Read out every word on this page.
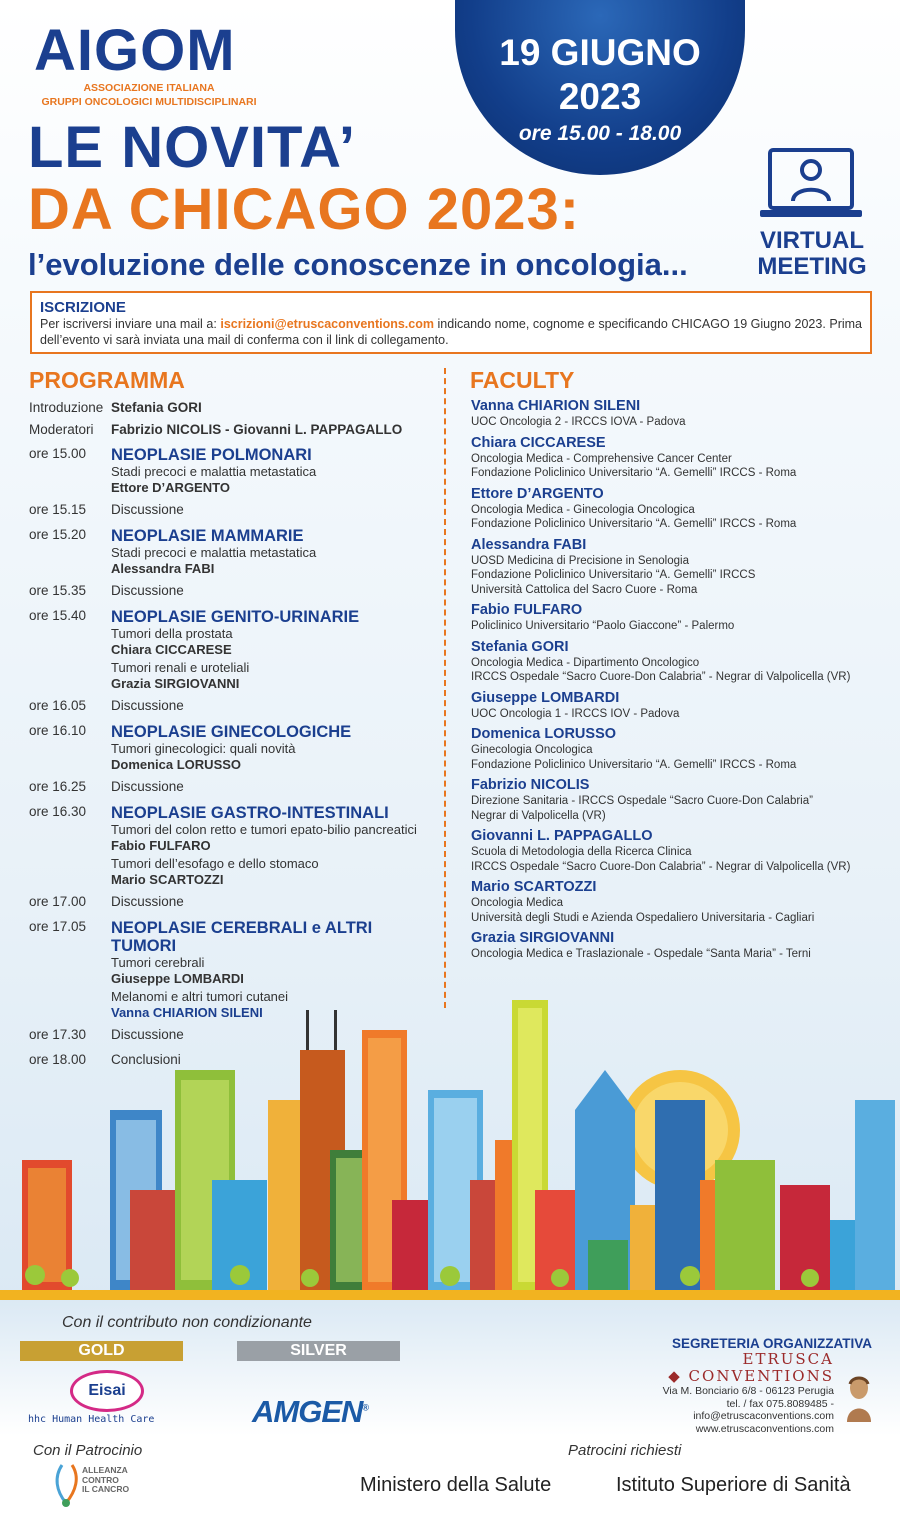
AIGOM
ASSOCIAZIONE ITALIANA
GRUPPI ONCOLOGICI MULTIDISCIPLINARI
19 GIUGNO
2023
ore 15.00 - 18.00
LE NOVITA’
DA CHICAGO 2023:
l’evoluzione delle conoscenze in oncologia...
VIRTUAL
MEETING
ISCRIZIONE
Per iscriversi inviare una mail a: iscrizioni@etruscaconventions.com indicando nome, cognome e specificando CHICAGO 19 Giugno 2023. Prima dell’evento vi sarà inviata una mail di conferma con il link di collegamento.
PROGRAMMA
Introduzione Stefania GORI
Moderatori	Fabrizio NICOLIS - Giovanni L. PAPPAGALLO
ore 15.00	NEOPLASIE POLMONARI
Stadi precoci e malattia metastatica
Ettore D’ARGENTO
ore 15.15	Discussione
ore 15.20	NEOPLASIE MAMMARIE
Stadi precoci e malattia metastatica
Alessandra FABI
ore 15.35	Discussione
ore 15.40	NEOPLASIE GENITO-URINARIE
Tumori della prostata
Chiara CICCARESE
Tumori renali e uroteliali
Grazia SIRGIOVANNI
ore 16.05	Discussione
ore 16.10	NEOPLASIE GINECOLOGICHE
Tumori ginecologici: quali novità
Domenica LORUSSO
ore 16.25	Discussione
ore 16.30	NEOPLASIE GASTRO-INTESTINALI
Tumori del colon retto e tumori epato-bilio pancreatici
Fabio FULFARO
Tumori dell’esofago e dello stomaco
Mario SCARTOZZI
ore 17.00	Discussione
ore 17.05	NEOPLASIE CEREBRALI e ALTRI TUMORI
Tumori cerebrali
Giuseppe LOMBARDI
Melanomi e altri tumori cutanei
Vanna CHIARION SILENI
ore 17.30	Discussione
ore 18.00	Conclusioni
FACULTY
Vanna CHIARION SILENI
UOC Oncologia 2 - IRCCS IOVA - Padova
Chiara CICCARESE
Oncologia Medica - Comprehensive Cancer Center
Fondazione Policlinico Universitario “A. Gemelli” IRCCS - Roma
Ettore D’ARGENTO
Oncologia Medica - Ginecologia Oncologica
Fondazione Policlinico Universitario “A. Gemelli” IRCCS - Roma
Alessandra FABI
UOSD Medicina di Precisione in Senologia
Fondazione Policlinico Universitario “A. Gemelli” IRCCS
Università Cattolica del Sacro Cuore - Roma
Fabio FULFARO
Policlinico Universitario “Paolo Giaccone” - Palermo
Stefania GORI
Oncologia Medica - Dipartimento Oncologico
IRCCS Ospedale “Sacro Cuore-Don Calabria” - Negrar di Valpolicella (VR)
Giuseppe LOMBARDI
UOC Oncologia 1 - IRCCS IOV - Padova
Domenica LORUSSO
Ginecologia Oncologica
Fondazione Policlinico Universitario “A. Gemelli” IRCCS - Roma
Fabrizio NICOLIS
Direzione Sanitaria - IRCCS Ospedale “Sacro Cuore-Don Calabria”
Negrar di Valpolicella (VR)
Giovanni L. PAPPAGALLO
Scuola di Metodologia della Ricerca Clinica
IRCCS Ospedale “Sacro Cuore-Don Calabria” - Negrar di Valpolicella (VR)
Mario SCARTOZZI
Oncologia Medica
Università degli Studi e Azienda Ospedaliero Universitaria - Cagliari
Grazia SIRGIOVANNI
Oncologia Medica e Traslazionale - Ospedale “Santa Maria” - Terni
Con il contributo non condizionante
GOLD	SILVER
Eisai
hhc Human Health Care	AMGEN®
SEGRETERIA ORGANIZZATIVA
ETRUSCA
◆ CONVENTIONS
Via M. Bonciario 6/8 - 06123 Perugia
tel. / fax 075.8089485 - info@etruscaconventions.com
www.etruscaconventions.com
Con il Patrocinio
ALLEANZA
CONTRO
IL CANCRO
Patrocini richiesti
Ministero della Salute	Istituto Superiore di Sanità
